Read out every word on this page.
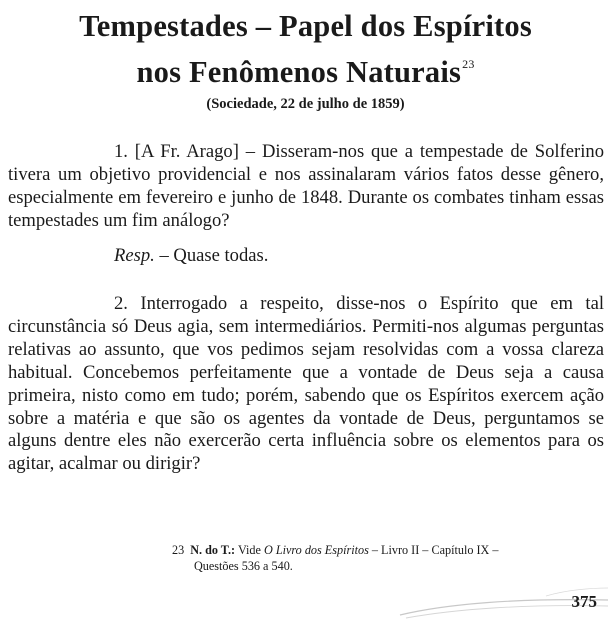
Tempestades – Papel dos Espíritos
nos Fenômenos Naturais$^{23}$
(Sociedade, 22 de julho de 1859)

1. [A Fr. Arago] – Disseram-nos que a tempestade de Solferino tivera um objetivo providencial e nos assinalaram vários fatos desse gênero, especialmente em fevereiro e junho de 1848. Durante os combates tinham essas tempestades um fim análogo?

Resp. – Quase todas.

2. Interrogado a respeito, disse-nos o Espírito que em tal circunstância só Deus agia, sem intermediários. Permiti-nos algumas perguntas relativas ao assunto, que vos pedimos sejam resolvidas com a vossa clareza habitual. Concebemos perfeitamente que a vontade de Deus seja a causa primeira, nisto como em tudo; porém, sabendo que os Espíritos exercem ação sobre a matéria e que são os agentes da vontade de Deus, perguntamos se alguns dentre eles não exercerão certa influência sobre os elementos para os agitar, acalmar ou dirigir?

23 N. do T.: Vide O Livro dos Espíritos – Livro II – Capítulo IX –
Questões 536 a 540.
375
